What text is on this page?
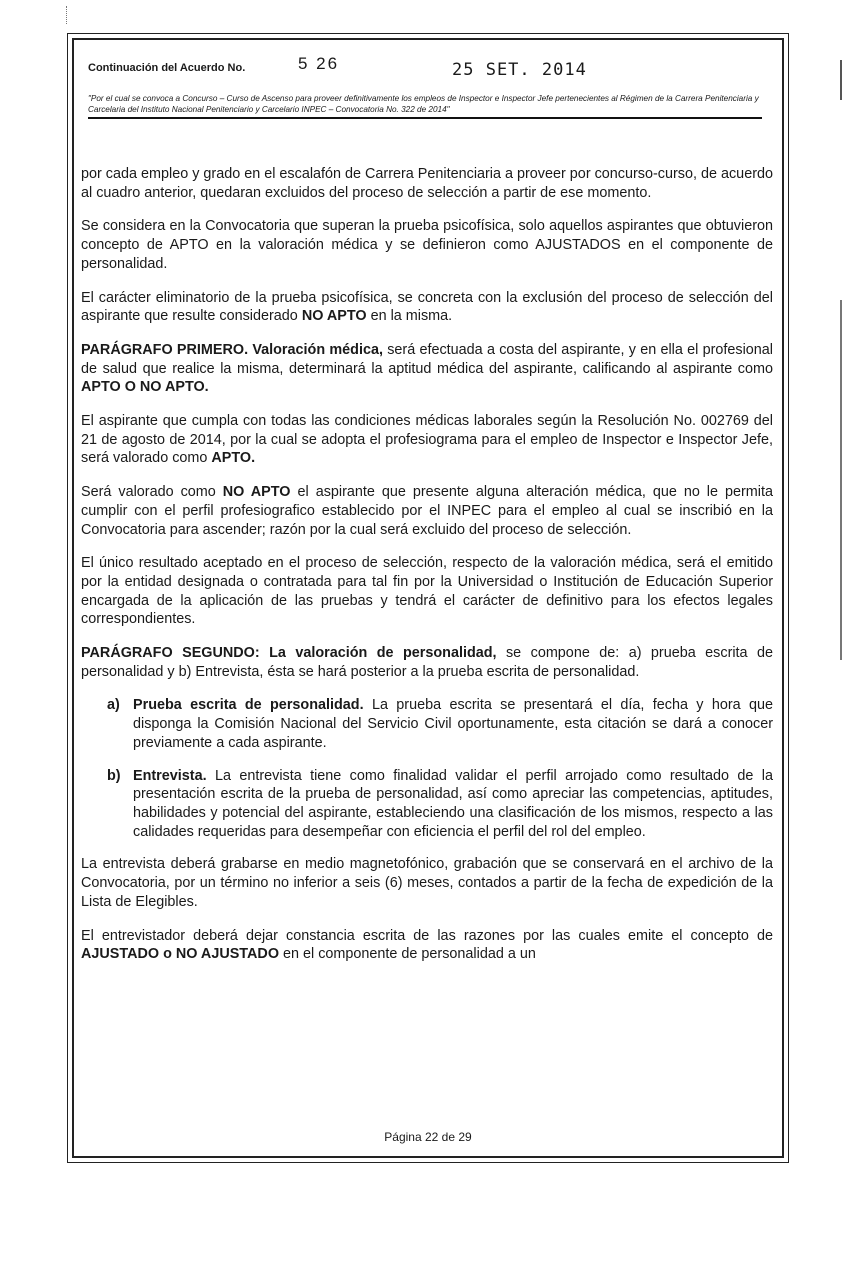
Continuación del Acuerdo No.	5 26	25 SET. 2014
"Por el cual se convoca a Concurso – Curso de Ascenso para proveer definitivamente los empleos de Inspector e Inspector Jefe pertenecientes al Régimen de la Carrera Penitenciaria y Carcelaria del Instituto Nacional Penitenciario y Carcelario INPEC – Convocatoria No. 322 de 2014"

por cada empleo y grado en el escalafón de Carrera Penitenciaria a proveer por concurso-curso, de acuerdo al cuadro anterior, quedaran excluidos del proceso de selección a partir de ese momento.

Se considera en la Convocatoria que superan la prueba psicofísica, solo aquellos aspirantes que obtuvieron concepto de APTO en la valoración médica y se definieron como AJUSTADOS en el componente de personalidad.

El carácter eliminatorio de la prueba psicofísica, se concreta con la exclusión del proceso de selección del aspirante que resulte considerado NO APTO en la misma.

PARÁGRAFO PRIMERO. Valoración médica, será efectuada a costa del aspirante, y en ella el profesional de salud que realice la misma, determinará la aptitud médica del aspirante, calificando al aspirante como APTO O NO APTO.

El aspirante que cumpla con todas las condiciones médicas laborales según la Resolución No. 002769 del 21 de agosto de 2014, por la cual se adopta el profesiograma para el empleo de Inspector e Inspector Jefe, será valorado como APTO.

Será valorado como NO APTO el aspirante que presente alguna alteración médica, que no le permita cumplir con el perfil profesiografico establecido por el INPEC para el empleo al cual se inscribió en la Convocatoria para ascender; razón por la cual será excluido del proceso de selección.

El único resultado aceptado en el proceso de selección, respecto de la valoración médica, será el emitido por la entidad designada o contratada para tal fin por la Universidad o Institución de Educación Superior encargada de la aplicación de las pruebas y tendrá el carácter de definitivo para los efectos legales correspondientes.

PARÁGRAFO SEGUNDO: La valoración de personalidad, se compone de: a) prueba escrita de personalidad y b) Entrevista, ésta se hará posterior a la prueba escrita de personalidad.

a) Prueba escrita de personalidad. La prueba escrita se presentará el día, fecha y hora que disponga la Comisión Nacional del Servicio Civil oportunamente, esta citación se dará a conocer previamente a cada aspirante.
b) Entrevista. La entrevista tiene como finalidad validar el perfil arrojado como resultado de la presentación escrita de la prueba de personalidad, así como apreciar las competencias, aptitudes, habilidades y potencial del aspirante, estableciendo una clasificación de los mismos, respecto a las calidades requeridas para desempeñar con eficiencia el perfil del rol del empleo.

La entrevista deberá grabarse en medio magnetofónico, grabación que se conservará en el archivo de la Convocatoria, por un término no inferior a seis (6) meses, contados a partir de la fecha de expedición de la Lista de Elegibles.

El entrevistador deberá dejar constancia escrita de las razones por las cuales emite el concepto de AJUSTADO o NO AJUSTADO en el componente de personalidad a un

Página 22 de 29
